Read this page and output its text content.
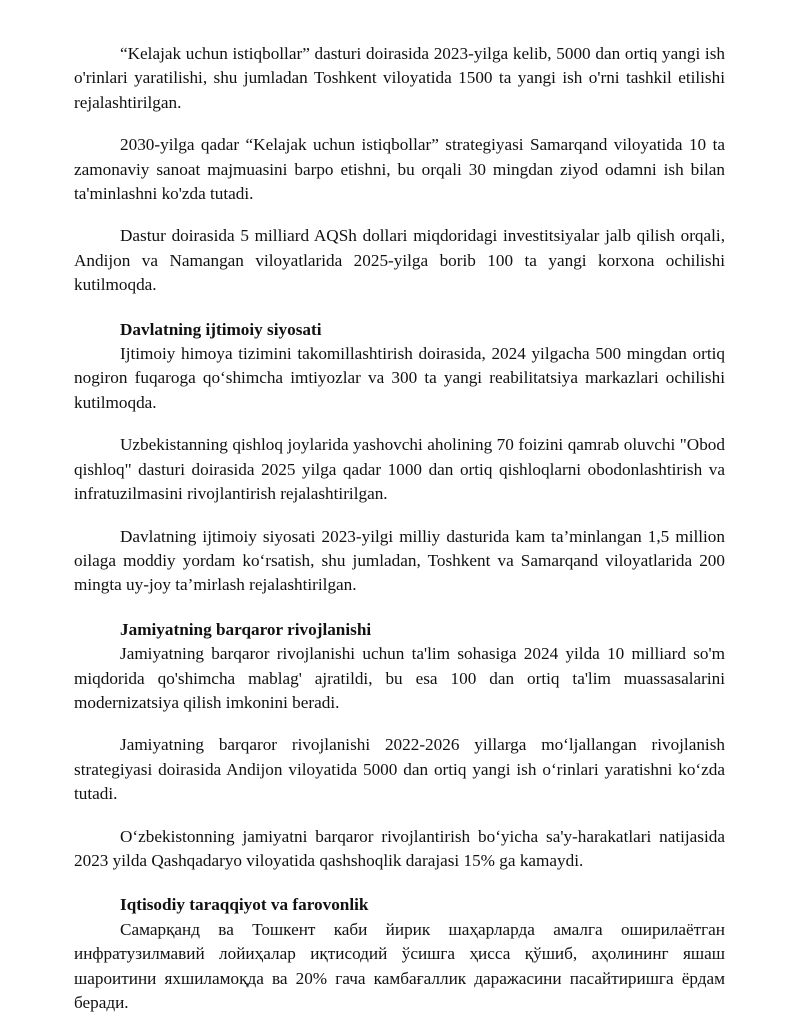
“Kelajak uchun istiqbollar” dasturi doirasida 2023-yilga kelib, 5000 dan ortiq yangi ish o'rinlari yaratilishi, shu jumladan Toshkent viloyatida 1500 ta yangi ish o'rni tashkil etilishi rejalashtirilgan.

2030-yilga qadar “Kelajak uchun istiqbollar” strategiyasi Samarqand viloyatida 10 ta zamonaviy sanoat majmuasini barpo etishni, bu orqali 30 mingdan ziyod odamni ish bilan ta'minlashni ko'zda tutadi.

Dastur doirasida 5 milliard AQSh dollari miqdoridagi investitsiyalar jalb qilish orqali, Andijon va Namangan viloyatlarida 2025-yilga borib 100 ta yangi korxona ochilishi kutilmoqda.

Davlatning ijtimoiy siyosati

Ijtimoiy himoya tizimini takomillashtirish doirasida, 2024 yilgacha 500 mingdan ortiq nogiron fuqaroga qo‘shimcha imtiyozlar va 300 ta yangi reabilitatsiya markazlari ochilishi kutilmoqda.

Uzbekistanning qishloq joylarida yashovchi aholining 70 foizini qamrab oluvchi "Obod qishloq" dasturi doirasida 2025 yilga qadar 1000 dan ortiq qishloqlarni obodonlashtirish va infratuzilmasini rivojlantirish rejalashtirilgan.

Davlatning ijtimoiy siyosati 2023-yilgi milliy dasturida kam ta’minlangan 1,5 million oilaga moddiy yordam ko‘rsatish, shu jumladan, Toshkent va Samarqand viloyatlarida 200 mingta uy-joy ta’mirlash rejalashtirilgan.

Jamiyatning barqaror rivojlanishi

Jamiyatning barqaror rivojlanishi uchun ta'lim sohasiga 2024 yilda 10 milliard so'm miqdorida qo'shimcha mablag' ajratildi, bu esa 100 dan ortiq ta'lim muassasalarini modernizatsiya qilish imkonini beradi.

Jamiyatning barqaror rivojlanishi 2022-2026 yillarga mo‘ljallangan rivojlanish strategiyasi doirasida Andijon viloyatida 5000 dan ortiq yangi ish o‘rinlari yaratishni ko‘zda tutadi.

O‘zbekistonning jamiyatni barqaror rivojlantirish bo‘yicha sa'y-harakatlari natijasida 2023 yilda Qashqadaryo viloyatida qashshoqlik darajasi 15% ga kamaydi.

Iqtisodiy taraqqiyot va farovonlik

Самарқанд ва Тошкент каби йирик шаҳарларда амалга оширилаётган инфратузилмавий лойиҳалар иқтисодий ўсишга ҳисса қўшиб, аҳолининг яшаш шароитини яхшиламоқда ва 20% гача камбағаллик даражасини пасайтиришга ёрдам беради.
